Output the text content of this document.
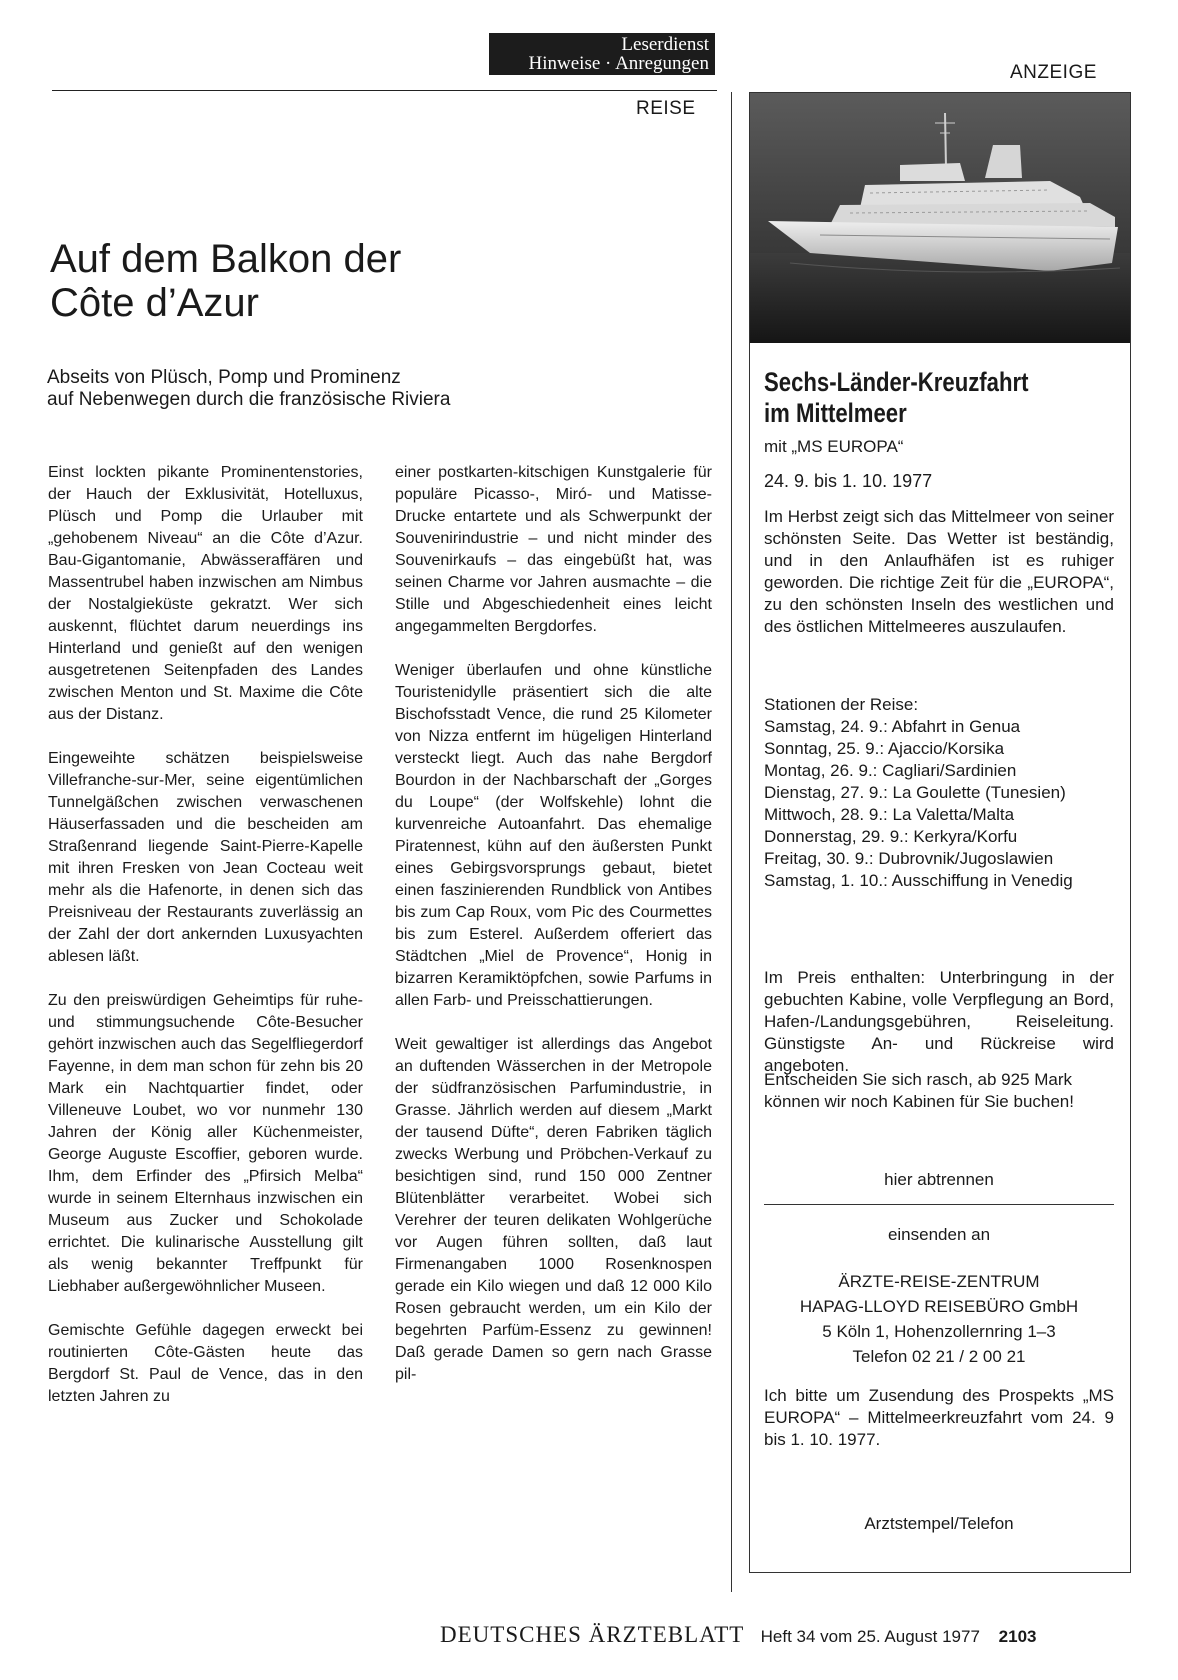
Leserdienst
Hinweise · Anregungen	ANZEIGE
REISE
Auf dem Balkon der
Côte d’Azur

Abseits von Plüsch, Pomp und Prominenz
auf Nebenwegen durch die französische Riviera

Einst lockten pikante Prominentenstories, der Hauch der Exklusivität, Hotelluxus, Plüsch und Pomp die Urlauber mit „gehobenem Niveau“ an die Côte d’Azur. Bau-Gigantomanie, Abwässeraffären und Massentrubel haben inzwischen am Nimbus der Nostalgieküste gekratzt. Wer sich auskennt, flüchtet darum neuerdings ins Hinterland und genießt auf den wenigen ausgetretenen Seitenpfaden des Landes zwischen Menton und St. Maxime die Côte aus der Distanz.

Eingeweihte schätzen beispielsweise Villefranche-sur-Mer, seine eigentümlichen Tunnelgäßchen zwischen verwaschenen Häuserfassaden und die bescheiden am Straßenrand liegende Saint-Pierre-Kapelle mit ihren Fresken von Jean Cocteau weit mehr als die Hafenorte, in denen sich das Preisniveau der Restaurants zuverlässig an der Zahl der dort ankernden Luxusyachten ablesen läßt.

Zu den preiswürdigen Geheimtips für ruhe- und stimmungsuchende Côte-Besucher gehört inzwischen auch das Segelfliegerdorf Fayenne, in dem man schon für zehn bis 20 Mark ein Nachtquartier findet, oder Villeneuve Loubet, wo vor nunmehr 130 Jahren der König aller Küchenmeister, George Auguste Escoffier, geboren wurde. Ihm, dem Erfinder des „Pfirsich Melba“ wurde in seinem Elternhaus inzwischen ein Museum aus Zucker und Schokolade errichtet. Die kulinarische Ausstellung gilt als wenig bekannter Treffpunkt für Liebhaber außergewöhnlicher Museen.

Gemischte Gefühle dagegen erweckt bei routinierten Côte-Gästen heute das Bergdorf St. Paul de Vence, das in den letzten Jahren zu

einer postkarten-kitschigen Kunstgalerie für populäre Picasso-, Miró- und Matisse-Drucke entartete und als Schwerpunkt der Souvenirindustrie – und nicht minder des Souvenirkaufs – das eingebüßt hat, was seinen Charme vor Jahren ausmachte – die Stille und Abgeschiedenheit eines leicht angegammelten Bergdorfes.

Weniger überlaufen und ohne künstliche Touristenidylle präsentiert sich die alte Bischofsstadt Vence, die rund 25 Kilometer von Nizza entfernt im hügeligen Hinterland versteckt liegt. Auch das nahe Bergdorf Bourdon in der Nachbarschaft der „Gorges du Loupe“ (der Wolfskehle) lohnt die kurvenreiche Autoanfahrt. Das ehemalige Piratennest, kühn auf den äußersten Punkt eines Gebirgsvorsprungs gebaut, bietet einen faszinierenden Rundblick von Antibes bis zum Cap Roux, vom Pic des Courmettes bis zum Esterel. Außerdem offeriert das Städtchen „Miel de Provence“, Honig in bizarren Keramiktöpfchen, sowie Parfums in allen Farb- und Preisschattierungen.

Weit gewaltiger ist allerdings das Angebot an duftenden Wässerchen in der Metropole der südfranzösischen Parfumindustrie, in Grasse. Jährlich werden auf diesem „Markt der tausend Düfte“, deren Fabriken täglich zwecks Werbung und Pröbchen-Verkauf zu besichtigen sind, rund 150 000 Zentner Blütenblätter verarbeitet. Wobei sich Verehrer der teuren delikaten Wohlgerüche vor Augen führen sollten, daß laut Firmenangaben 1000 Rosenknospen gerade ein Kilo wiegen und daß 12 000 Kilo Rosen gebraucht werden, um ein Kilo der begehrten Parfüm-Essenz zu gewinnen! Daß gerade Damen so gern nach Grasse pil-

Sechs-Länder-Kreuzfahrt
im Mittelmeer
mit „MS EUROPA“
24. 9. bis 1. 10. 1977
Im Herbst zeigt sich das Mittelmeer von seiner schönsten Seite. Das Wetter ist beständig, und in den Anlaufhäfen ist es ruhiger geworden. Die richtige Zeit für die „EUROPA“, zu den schönsten Inseln des westlichen und des östlichen Mittelmeeres auszulaufen.

Stationen der Reise:

Samstag, 24. 9.: Abfahrt in Genua

Sonntag, 25. 9.: Ajaccio/Korsika

Montag, 26. 9.: Cagliari/Sardinien

Dienstag, 27. 9.: La Goulette (Tunesien)

Mittwoch, 28. 9.: La Valetta/Malta

Donnerstag, 29. 9.: Kerkyra/Korfu

Freitag, 30. 9.: Dubrovnik/Jugoslawien

Samstag, 1. 10.: Ausschiffung in Venedig

Im Preis enthalten: Unterbringung in der gebuchten Kabine, volle Verpflegung an Bord, Hafen-/Landungsgebühren, Reiseleitung. Günstigste An- und Rückreise wird angeboten.
Entscheiden Sie sich rasch, ab 925 Mark können wir noch Kabinen für Sie buchen!
hier abtrennen
einsenden an

ÄRZTE-REISE-ZENTRUM

HAPAG-LLOYD REISEBÜRO GmbH

5 Köln 1, Hohenzollernring 1–3

Telefon 02 21 / 2 00 21

Ich bitte um Zusendung des Prospekts „MS EUROPA“ – Mittelmeerkreuzfahrt vom 24. 9 bis 1. 10. 1977.
Arztstempel/Telefon
DEUTSCHES ÄRZTEBLATT Heft 34 vom 25. August 1977 2103
